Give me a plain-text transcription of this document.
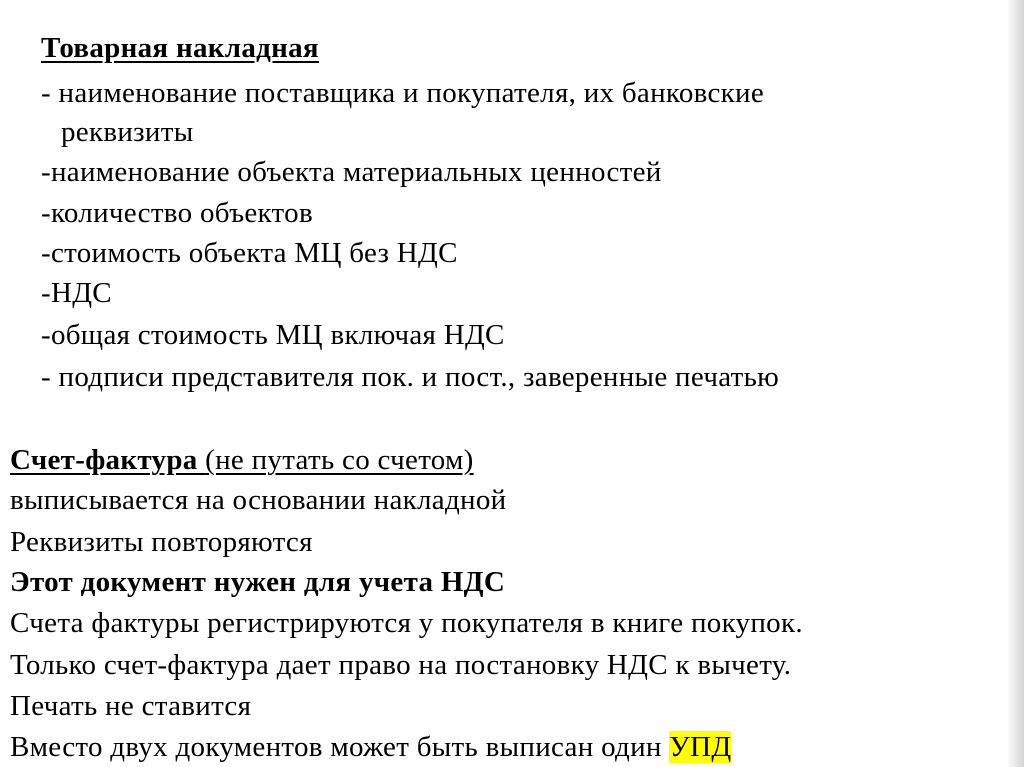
Товарная накладная
- наименование поставщика и покупателя, их банковские
реквизиты
-наименование объекта материальных ценностей
-количество объектов
-стоимость объекта МЦ без НДС
-НДС
-общая стоимость МЦ включая НДС
- подписи представителя пок. и пост., заверенные печатью
Счет-фактура (не путать со счетом)
выписывается на основании накладной
Реквизиты повторяются
Этот документ нужен для учета НДС
Счета фактуры регистрируются у покупателя в книге покупок.
Только счет-фактура дает право на постановку НДС к вычету.
Печать не ставится
Вместо двух документов может быть выписан один УПД
